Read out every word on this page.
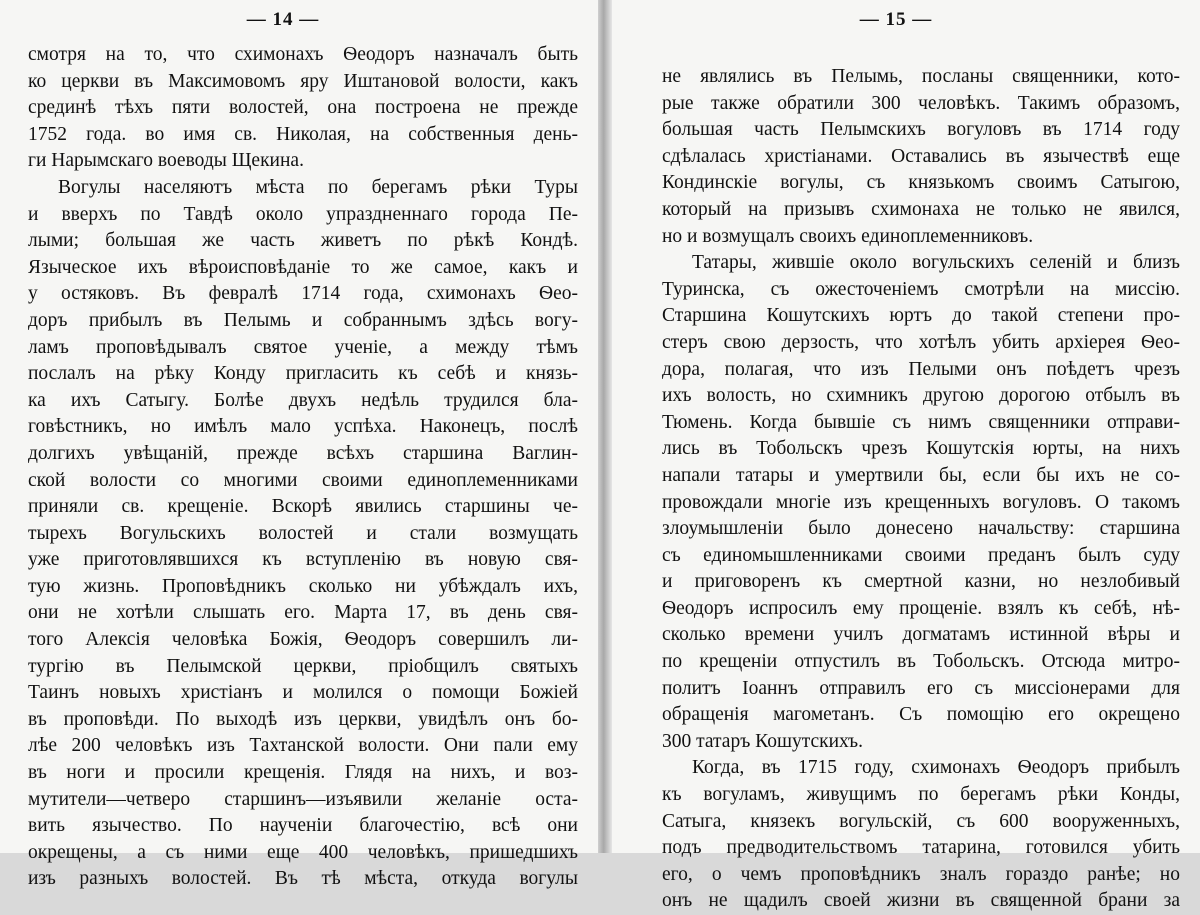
— 14 —
смотря на то, что схимонахъ Ѳеодоръ назначалъ быть
ко церкви въ Максимовомъ яру Иштановой волости, какъ
срединѣ тѣхъ пяти волостей, она построена не прежде
1752 года. во имя св. Николая, на собственныя день-
ги Нарымскаго воеводы Щекина.
Вогулы населяютъ мѣста по берегамъ рѣки Туры
и вверхъ по Тавдѣ около упраздненнаго города Пе-
лыми; большая же часть живетъ по рѣкѣ Кондѣ.
Языческое ихъ вѣроисповѣданіе то же самое, какъ и
у остяковъ. Въ февралѣ 1714 года, схимонахъ Ѳео-
доръ прибылъ въ Пелымь и собраннымъ здѣсь вогу-
ламъ проповѣдывалъ святое ученіе, а между тѣмъ
послалъ на рѣку Конду пригласить къ себѣ и князь-
ка ихъ Сатыгу. Болѣе двухъ недѣль трудился бла-
говѣстникъ, но имѣлъ мало успѣха. Наконецъ, послѣ
долгихъ увѣщаній, прежде всѣхъ старшина Ваглин-
ской волости со многими своими единоплеменниками
приняли св. крещеніе. Вскорѣ явились старшины че-
тырехъ Вогульскихъ волостей и стали возмущать
уже приготовлявшихся къ вступленію въ новую свя-
тую жизнь. Проповѣдникъ сколько ни убѣждалъ ихъ,
они не хотѣли слышать его. Марта 17, въ день свя-
того Алексія человѣка Божія, Ѳеодоръ совершилъ ли-
тургію въ Пелымской церкви, пріобщилъ святыхъ
Таинъ новыхъ христіанъ и молился о помощи Божіей
въ проповѣди. По выходѣ изъ церкви, увидѣлъ онъ бо-
лѣе 200 человѣкъ изъ Тахтанской волости. Они пали ему
въ ноги и просили крещенія. Глядя на нихъ, и воз-
мутители—четверо старшинъ—изъявили желаніе оста-
вить язычество. По наученіи благочестію, всѣ они
окрещены, а съ ними еще 400 человѣкъ, пришедшихъ
изъ разныхъ волостей. Въ тѣ мѣста, откуда вогулы
— 15 —
не являлись въ Пелымь, посланы священники, кото-
рые также обратили 300 человѣкъ. Такимъ образомъ,
большая часть Пелымскихъ вогуловъ въ 1714 году
сдѣлалась христіанами. Оставались въ язычествѣ еще
Кондинскіе вогулы, съ князькомъ своимъ Сатыгою,
который на призывъ схимонаха не только не явился,
но и возмущалъ своихъ единоплеменниковъ.
Татары, жившіе около вогульскихъ селеній и близъ
Туринска, съ ожесточеніемъ смотрѣли на миссію.
Старшина Кошутскихъ юртъ до такой степени про-
стеръ свою дерзость, что хотѣлъ убить архіерея Ѳео-
дора, полагая, что изъ Пелыми онъ поѣдетъ чрезъ
ихъ волость, но схимникъ другою дорогою отбылъ въ
Тюмень. Когда бывшіе съ нимъ священники отправи-
лись въ Тобольскъ чрезъ Кошутскія юрты, на нихъ
напали татары и умертвили бы, если бы ихъ не со-
провождали многіе изъ крещенныхъ вогуловъ. О такомъ
злоумышленіи было донесено начальству: старшина
съ единомышленниками своими преданъ былъ суду
и приговоренъ къ смертной казни, но незлобивый
Ѳеодоръ испросилъ ему прощеніе. взялъ къ себѣ, нѣ-
сколько времени училъ догматамъ истинной вѣры и
по крещеніи отпустилъ въ Тобольскъ. Отсюда митро-
политъ Іоаннъ отправилъ его съ миссіонерами для
обращенія магометанъ. Съ помощію его окрещено
300 татаръ Кошутскихъ.
Когда, въ 1715 году, схимонахъ Ѳеодоръ прибылъ
къ вогуламъ, живущимъ по берегамъ рѣки Конды,
Сатыга, князекъ вогульскій, съ 600 вооруженныхъ,
подъ предводительствомъ татарина, готовился убить
его, о чемъ проповѣдникъ зналъ гораздо ранѣе; но
онъ не щадилъ своей жизни въ священной брани за
